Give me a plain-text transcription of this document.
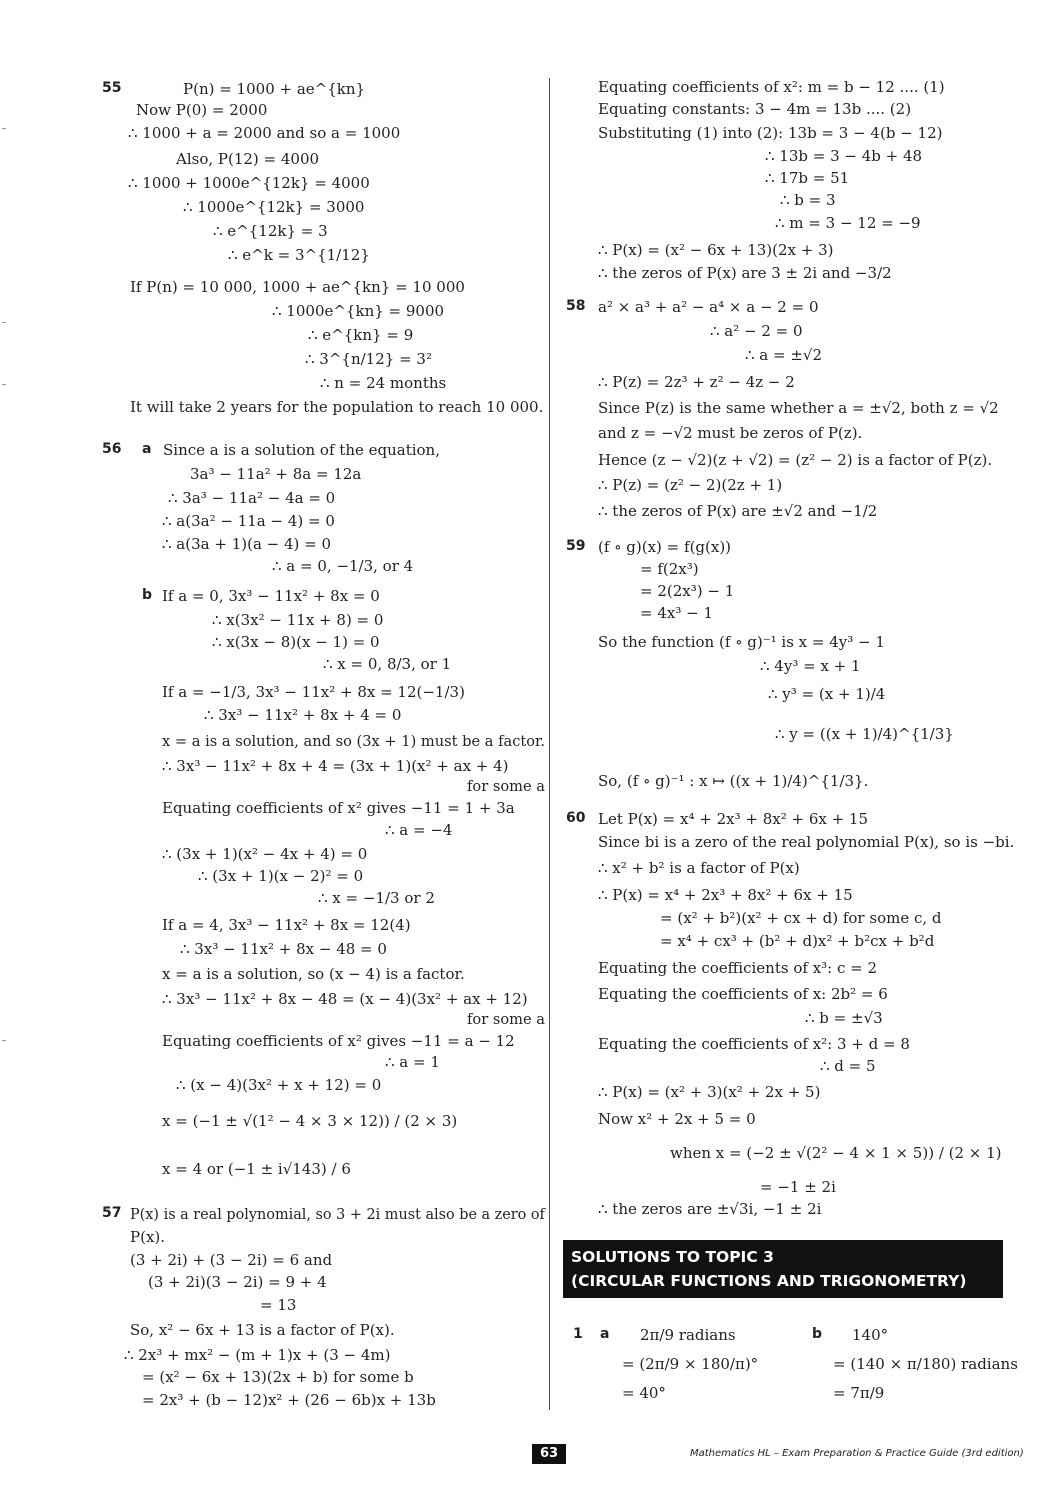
55
56 a
b
57
58
59
60
P(n) = 1000 + ae^{kn}
Now P(0) = 2000
∴ 1000 + a = 2000 and so a = 1000
Also, P(12) = 4000
∴ 1000 + 1000e^{12k} = 4000
∴ 1000e^{12k} = 3000
∴ e^{12k} = 3
∴ e^k = 3^{1/12}
If P(n) = 10 000, 1000 + ae^{kn} = 10 000
∴ 1000e^{kn} = 9000
∴ e^{kn} = 9
∴ 3^{n/12} = 3²
∴ n = 24 months
It will take 2 years for the population to reach 10 000.
Since a is a solution of the equation,
3a³ − 11a² + 8a = 12a
∴ 3a³ − 11a² − 4a = 0
∴ a(3a² − 11a − 4) = 0
∴ a(3a + 1)(a − 4) = 0
∴ a = 0, −1/3, or 4
If a = 0, 3x³ − 11x² + 8x = 0
∴ x(3x² − 11x + 8) = 0
∴ x(3x − 8)(x − 1) = 0
∴ x = 0, 8/3, or 1
If a = −1/3, 3x³ − 11x² + 8x = 12(−1/3)
∴ 3x³ − 11x² + 8x + 4 = 0
x = a is a solution, and so (3x + 1) must be a factor.
∴ 3x³ − 11x² + 8x + 4 = (3x + 1)(x² + ax + 4)
for some a
Equating coefficients of x² gives −11 = 1 + 3a
∴ a = −4
∴ (3x + 1)(x² − 4x + 4) = 0
∴ (3x + 1)(x − 2)² = 0
∴ x = −1/3 or 2
If a = 4, 3x³ − 11x² + 8x = 12(4)
∴ 3x³ − 11x² + 8x − 48 = 0
x = a is a solution, so (x − 4) is a factor.
∴ 3x³ − 11x² + 8x − 48 = (x − 4)(3x² + ax + 12)
for some a
Equating coefficients of x² gives −11 = a − 12
∴ a = 1
∴ (x − 4)(3x² + x + 12) = 0
x = (−1 ± √(1² − 4 × 3 × 12)) / (2 × 3)
x = 4 or (−1 ± i√143) / 6
P(x) is a real polynomial, so 3 + 2i must also be a zero of
P(x).
(3 + 2i) + (3 − 2i) = 6 and
(3 + 2i)(3 − 2i) = 9 + 4
= 13
So, x² − 6x + 13 is a factor of P(x).
∴ 2x³ + mx² − (m + 1)x + (3 − 4m)
= (x² − 6x + 13)(2x + b) for some b
= 2x³ + (b − 12)x² + (26 − 6b)x + 13b
Equating coefficients of x²: m = b − 12 .... (1)
Equating constants: 3 − 4m = 13b .... (2)
Substituting (1) into (2): 13b = 3 − 4(b − 12)
∴ 13b = 3 − 4b + 48
∴ 17b = 51
∴ b = 3
∴ m = 3 − 12 = −9
∴ P(x) = (x² − 6x + 13)(2x + 3)
∴ the zeros of P(x) are 3 ± 2i and −3/2
a² × a³ + a² − a⁴ × a − 2 = 0
∴ a² − 2 = 0
∴ a = ±√2
∴ P(z) = 2z³ + z² − 4z − 2
Since P(z) is the same whether a = ±√2, both z = √2
and z = −√2 must be zeros of P(z).
Hence (z − √2)(z + √2) = (z² − 2) is a factor of P(z).
∴ P(z) = (z² − 2)(2z + 1)
∴ the zeros of P(x) are ±√2 and −1/2
(f ∘ g)(x) = f(g(x))
= f(2x³)
= 2(2x³) − 1
= 4x³ − 1
So the function (f ∘ g)⁻¹ is x = 4y³ − 1
∴ 4y³ = x + 1
∴ y³ = (x + 1)/4
∴ y = ((x + 1)/4)^{1/3}
So, (f ∘ g)⁻¹ : x ↦ ((x + 1)/4)^{1/3}.
Let P(x) = x⁴ + 2x³ + 8x² + 6x + 15
Since bi is a zero of the real polynomial P(x), so is −bi.
∴ x² + b² is a factor of P(x)
∴ P(x) = x⁴ + 2x³ + 8x² + 6x + 15
= (x² + b²)(x² + cx + d) for some c, d
= x⁴ + cx³ + (b² + d)x² + b²cx + b²d
Equating the coefficients of x³: c = 2
Equating the coefficients of x: 2b² = 6
∴ b = ±√3
Equating the coefficients of x²: 3 + d = 8
∴ d = 5
∴ P(x) = (x² + 3)(x² + 2x + 5)
Now x² + 2x + 5 = 0
when x = (−2 ± √(2² − 4 × 1 × 5)) / (2 × 1)
= −1 ± 2i
∴ the zeros are ±√3i, −1 ± 2i
SOLUTIONS TO TOPIC 3
(CIRCULAR FUNCTIONS AND TRIGONOMETRY)
1 a 2π/9 radians
= (2π/9 × 180/π)°
= 40°
b 140°
= (140 × π/180) radians
= 7π/9
63	Mathematics HL – Exam Preparation & Practice Guide (3rd edition)
